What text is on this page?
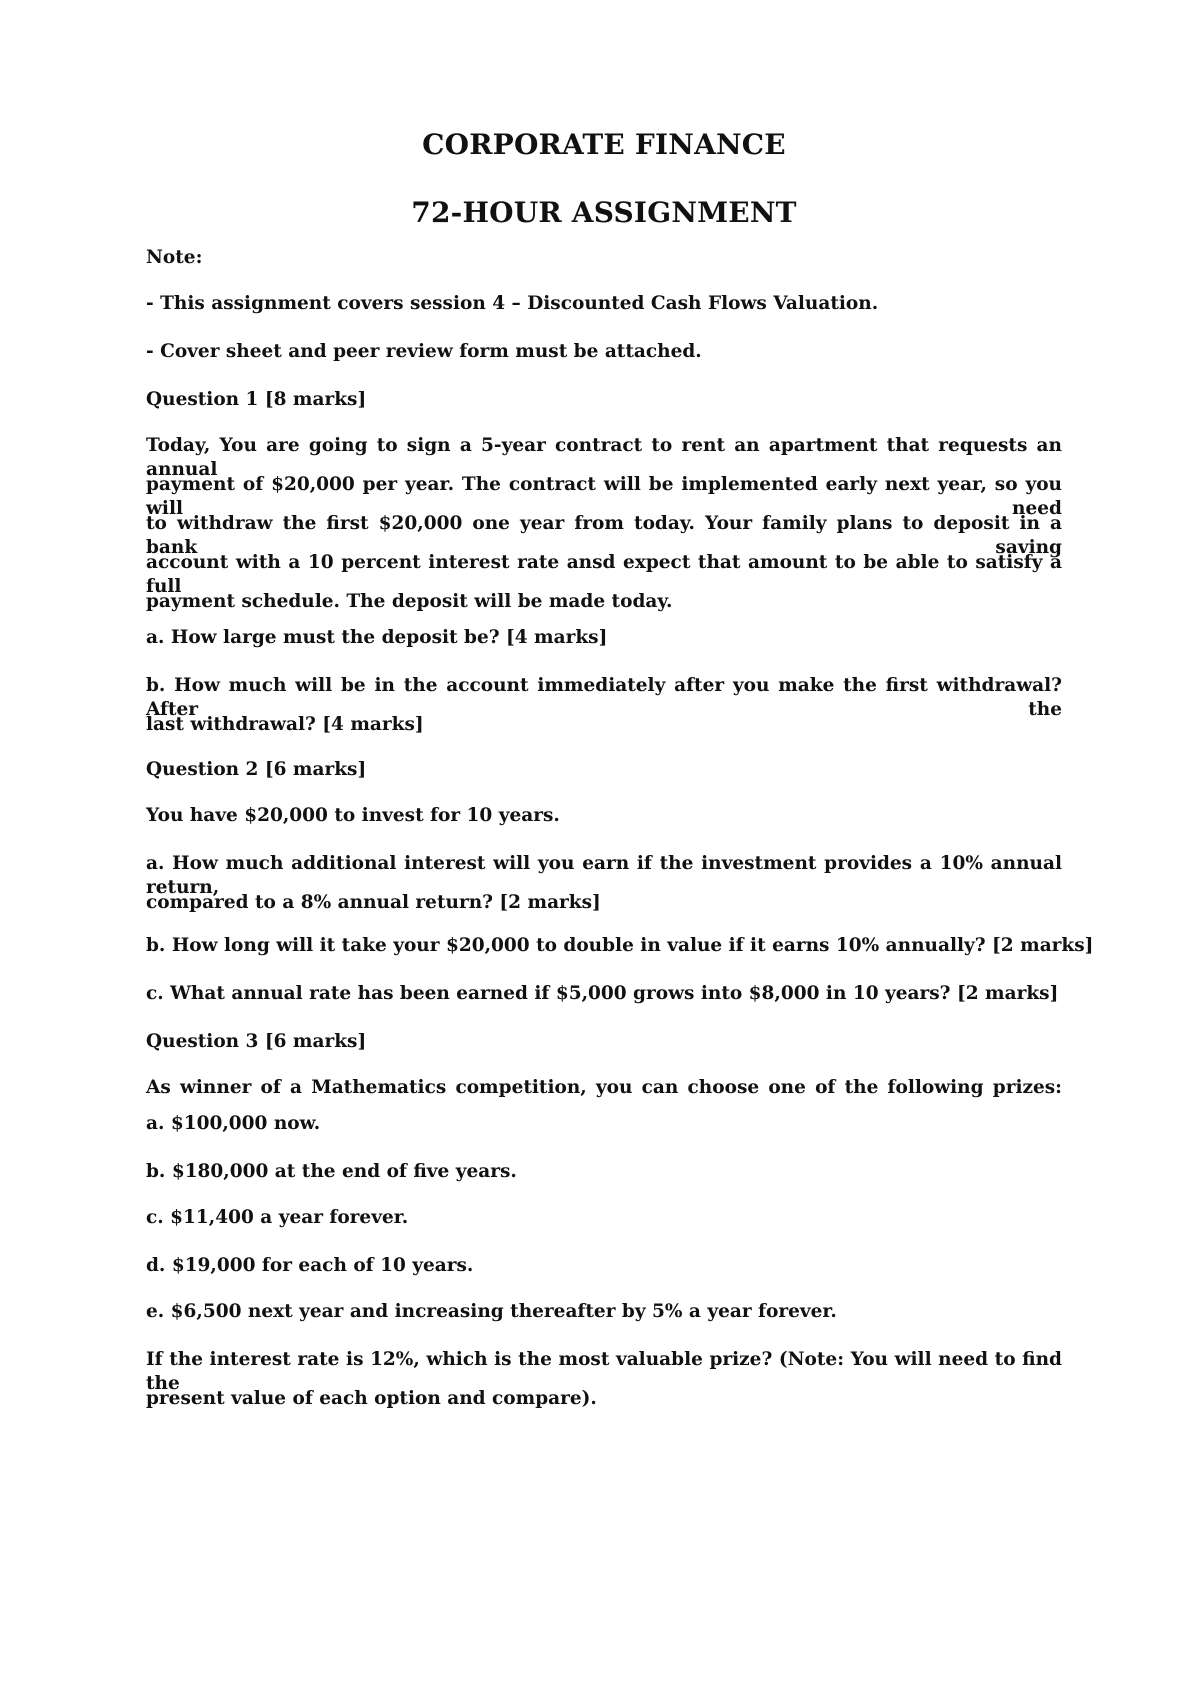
CORPORATE FINANCE
72-HOUR ASSIGNMENT
Note:
- This assignment covers session 4 – Discounted Cash Flows Valuation.
- Cover sheet and peer review form must be attached.
Question 1 [8 marks]
Today, You are going to sign a 5-year contract to rent an apartment that requests an annual
payment of $20,000 per year. The contract will be implemented early next year, so you will need
to withdraw the first $20,000 one year from today. Your family plans to deposit in a bank saving
account with a 10 percent interest rate ansd expect that amount to be able to satisfy a full
payment schedule. The deposit will be made today.
a. How large must the deposit be? [4 marks]
b. How much will be in the account immediately after you make the first withdrawal? After the
last withdrawal? [4 marks]
Question 2 [6 marks]
You have $20,000 to invest for 10 years.
a. How much additional interest will you earn if the investment provides a 10% annual return,
compared to a 8% annual return? [2 marks]
b. How long will it take your $20,000 to double in value if it earns 10% annually? [2 marks]
c. What annual rate has been earned if $5,000 grows into $8,000 in 10 years? [2 marks]
Question 3 [6 marks]
As winner of a Mathematics competition, you can choose one of the following prizes:
a. $100,000 now.
b. $180,000 at the end of five years.
c. $11,400 a year forever.
d. $19,000 for each of 10 years.
e. $6,500 next year and increasing thereafter by 5% a year forever.
If the interest rate is 12%, which is the most valuable prize? (Note: You will need to find the
present value of each option and compare).
